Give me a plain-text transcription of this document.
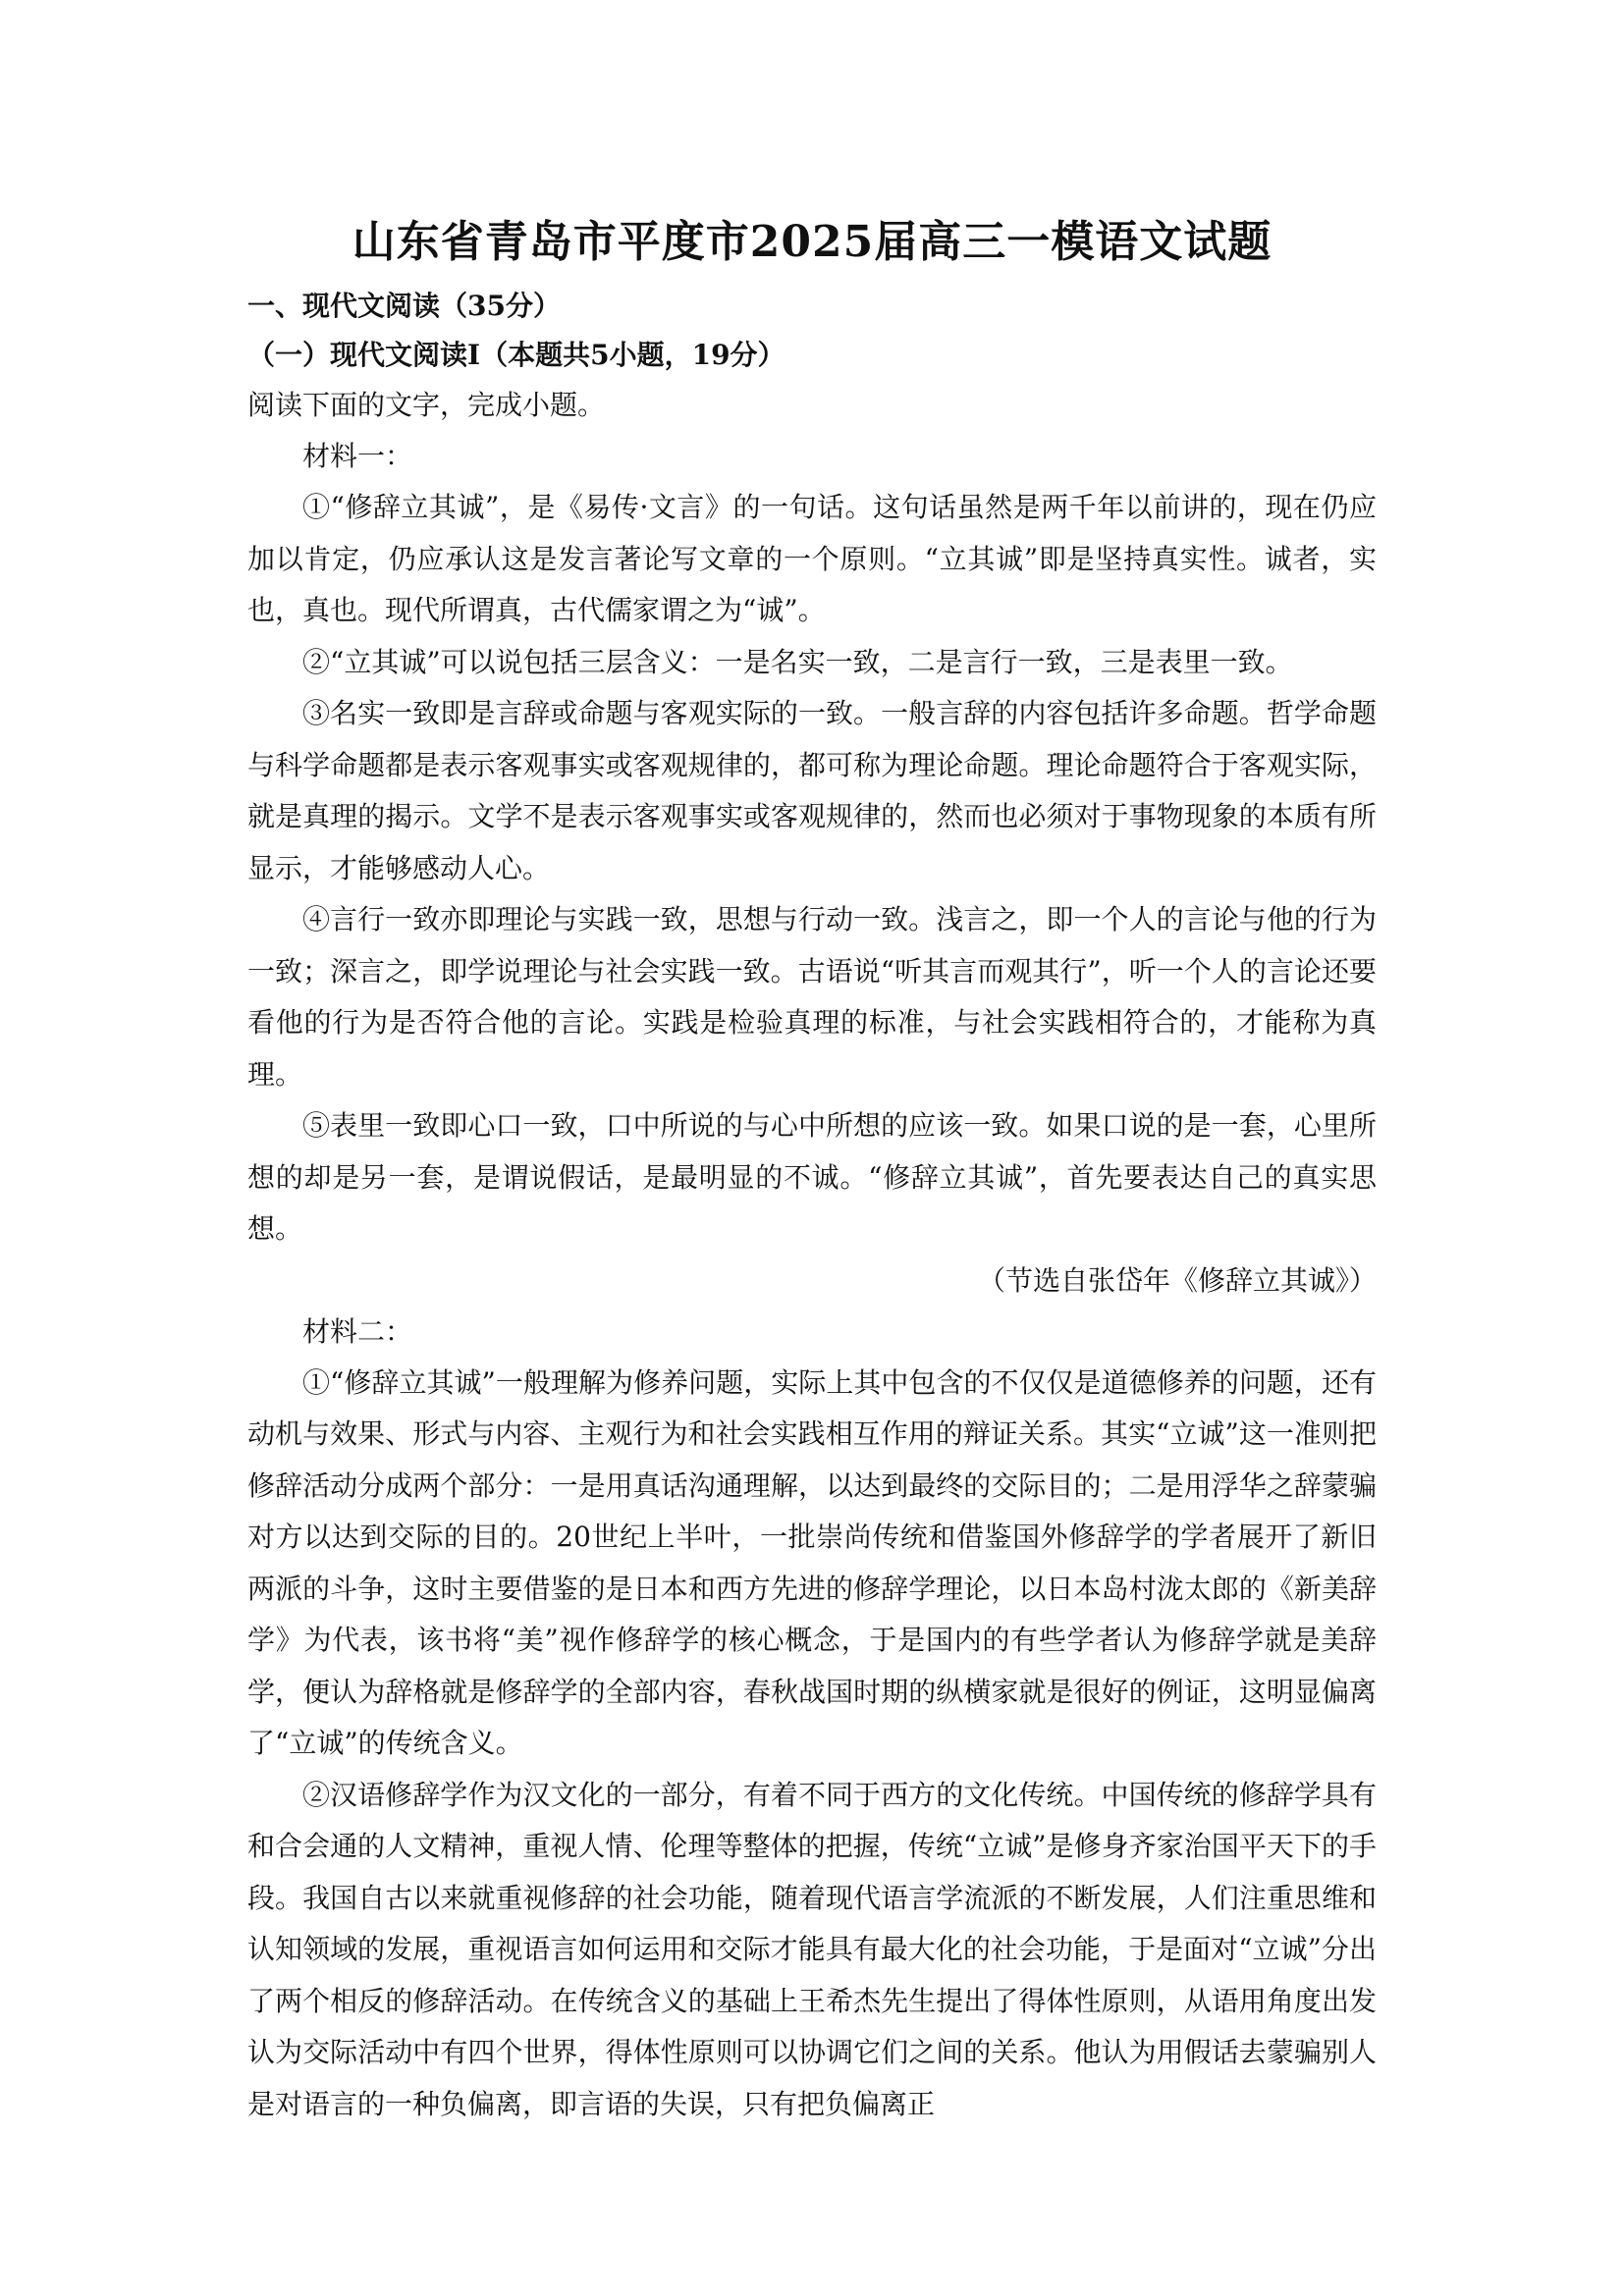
山东省青岛市平度市2025届高三一模语文试题

一、现代文阅读（35分）

（一）现代文阅读Ⅰ（本题共5小题，19分）

阅读下面的文字，完成小题。

材料一：

①“修辞立其诚”，是《易传·文言》的一句话。这句话虽然是两千年以前讲的，现在仍应加以肯定，仍应承认这是发言著论写文章的一个原则。“立其诚”即是坚持真实性。诚者，实也，真也。现代所谓真，古代儒家谓之为“诚”。

②“立其诚”可以说包括三层含义：一是名实一致，二是言行一致，三是表里一致。

③名实一致即是言辞或命题与客观实际的一致。一般言辞的内容包括许多命题。哲学命题与科学命题都是表示客观事实或客观规律的，都可称为理论命题。理论命题符合于客观实际，就是真理的揭示。文学不是表示客观事实或客观规律的，然而也必须对于事物现象的本质有所显示，才能够感动人心。

④言行一致亦即理论与实践一致，思想与行动一致。浅言之，即一个人的言论与他的行为一致；深言之，即学说理论与社会实践一致。古语说“听其言而观其行”，听一个人的言论还要看他的行为是否符合他的言论。实践是检验真理的标准，与社会实践相符合的，才能称为真理。

⑤表里一致即心口一致，口中所说的与心中所想的应该一致。如果口说的是一套，心里所想的却是另一套，是谓说假话，是最明显的不诚。“修辞立其诚”，首先要表达自己的真实思想。

（节选自张岱年《修辞立其诚》）

材料二：

①“修辞立其诚”一般理解为修养问题，实际上其中包含的不仅仅是道德修养的问题，还有动机与效果、形式与内容、主观行为和社会实践相互作用的辩证关系。其实“立诚”这一准则把修辞活动分成两个部分：一是用真话沟通理解，以达到最终的交际目的；二是用浮华之辞蒙骗对方以达到交际的目的。20世纪上半叶，一批崇尚传统和借鉴国外修辞学的学者展开了新旧两派的斗争，这时主要借鉴的是日本和西方先进的修辞学理论，以日本岛村泷太郎的《新美辞学》为代表，该书将“美”视作修辞学的核心概念，于是国内的有些学者认为修辞学就是美辞学，便认为辞格就是修辞学的全部内容，春秋战国时期的纵横家就是很好的例证，这明显偏离了“立诚”的传统含义。

②汉语修辞学作为汉文化的一部分，有着不同于西方的文化传统。中国传统的修辞学具有和合会通的人文精神，重视人情、伦理等整体的把握，传统“立诚”是修身齐家治国平天下的手段。我国自古以来就重视修辞的社会功能，随着现代语言学流派的不断发展，人们注重思维和认知领域的发展，重视语言如何运用和交际才能具有最大化的社会功能，于是面对“立诚”分出了两个相反的修辞活动。在传统含义的基础上王希杰先生提出了得体性原则，从语用角度出发认为交际活动中有四个世界，得体性原则可以协调它们之间的关系。他认为用假话去蒙骗别人是对语言的一种负偏离，即言语的失误，只有把负偏离正
